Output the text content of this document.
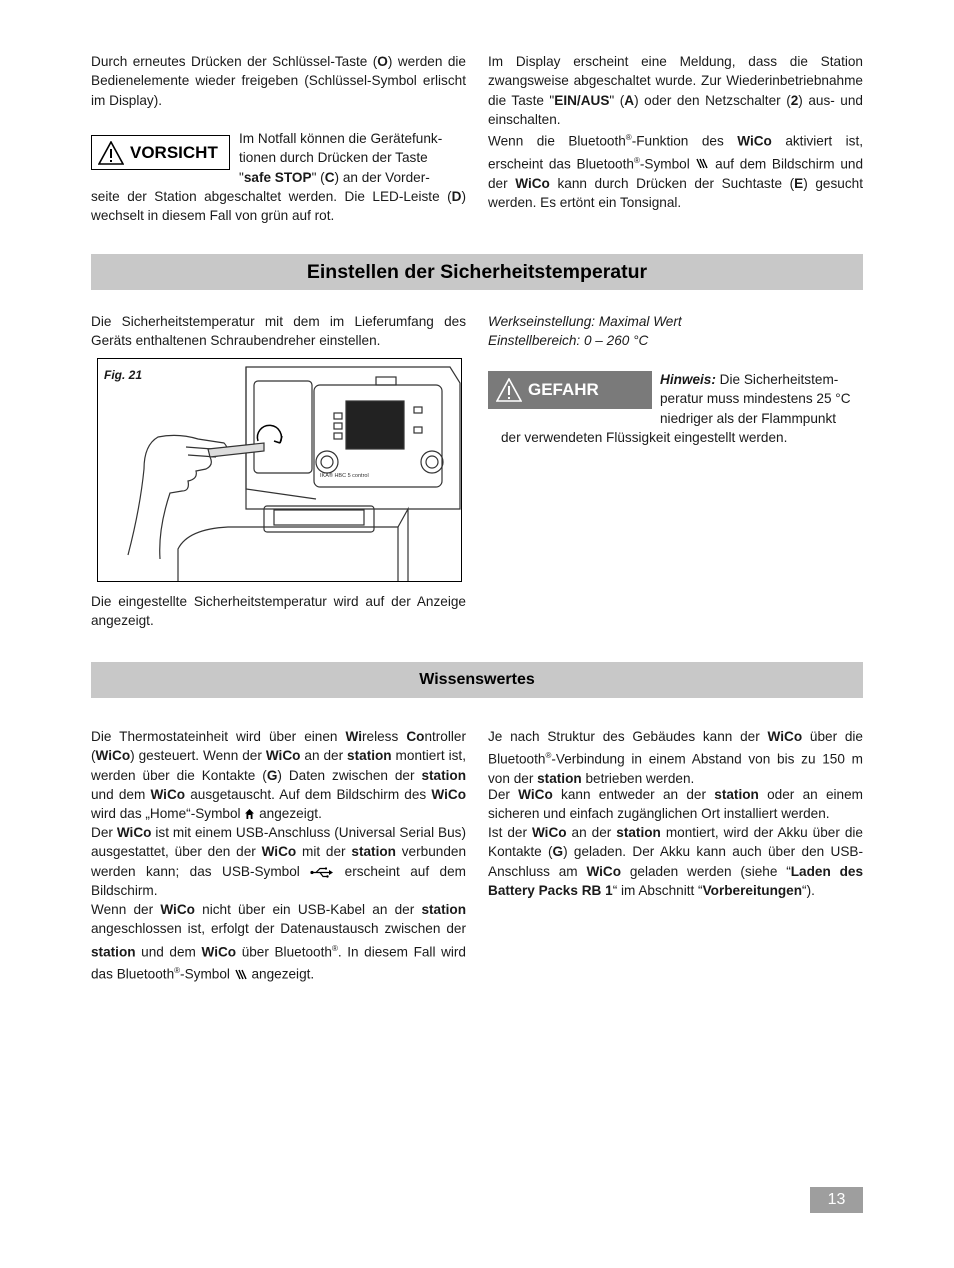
Durch erneutes Drücken der Schlüssel-Taste (O) werden die Bedienelemente wieder freigeben (Schlüssel-Symbol erlischt im Display).

VORSICHT

Im Notfall können die Gerätefunk-
tionen durch Drücken der Taste
"safe STOP" (C) an der Vorder-

seite der Station abgeschaltet werden. Die LED-Leiste (D) wechselt in diesem Fall von grün auf rot.

Im Display erscheint eine Meldung, dass die Station zwangsweise abgeschaltet wurde. Zur Wiederinbetriebnahme die Taste "EIN/AUS" (A) oder den Netzschalter (2) aus- und einschalten.

Wenn die Bluetooth®-Funktion des WiCo aktiviert ist, erscheint das Bluetooth®-Symbol  auf dem Bildschirm und der WiCo kann durch Drücken der Suchtaste (E) gesucht werden. Es ertönt ein Tonsignal.

Einstellen der Sicherheitstemperatur

Die Sicherheitstemperatur mit dem im Lieferumfang des Geräts enthaltenen Schraubendreher einstellen.

Fig. 21
IKA® HBC 5 control

Die eingestellte Sicherheitstemperatur wird auf der Anzeige angezeigt.

Werkseinstellung: Maximal Wert

Einstellbereich: 0 – 260 °C

GEFAHR

Hinweis: Die Sicherheitstem-
peratur muss mindestens 25 °C
niedriger als der Flammpunkt

der verwendeten Flüssigkeit eingestellt werden.

Wissenswertes

Die Thermostateinheit wird über einen Wireless Controller (WiCo) gesteuert. Wenn der WiCo an der station montiert ist, werden über die Kontakte (G) Daten zwischen der station und dem WiCo ausgetauscht. Auf dem Bildschirm des WiCo wird das „Home“-Symbol  angezeigt.

Der WiCo ist mit einem USB-Anschluss (Universal Serial Bus) ausgestattet, über den der WiCo mit der station verbunden werden kann; das USB-Symbol  erscheint auf dem Bildschirm.

Wenn der WiCo nicht über ein USB-Kabel an der station angeschlossen ist, erfolgt der Datenaustausch zwischen der station und dem WiCo über Bluetooth®. In diesem Fall wird das Bluetooth®-Symbol  angezeigt.

Je nach Struktur des Gebäudes kann der WiCo über die Bluetooth®-Verbindung in einem Abstand von bis zu 150 m von der station betrieben werden.

Der WiCo kann entweder an der station oder an einem sicheren und einfach zugänglichen Ort installiert werden.

Ist der WiCo an der station montiert, wird der Akku über die Kontakte (G) geladen. Der Akku kann auch über den USB-Anschluss am WiCo geladen werden (siehe “Laden des Battery Packs RB 1“ im Abschnitt “Vorbereitungen“).

13
